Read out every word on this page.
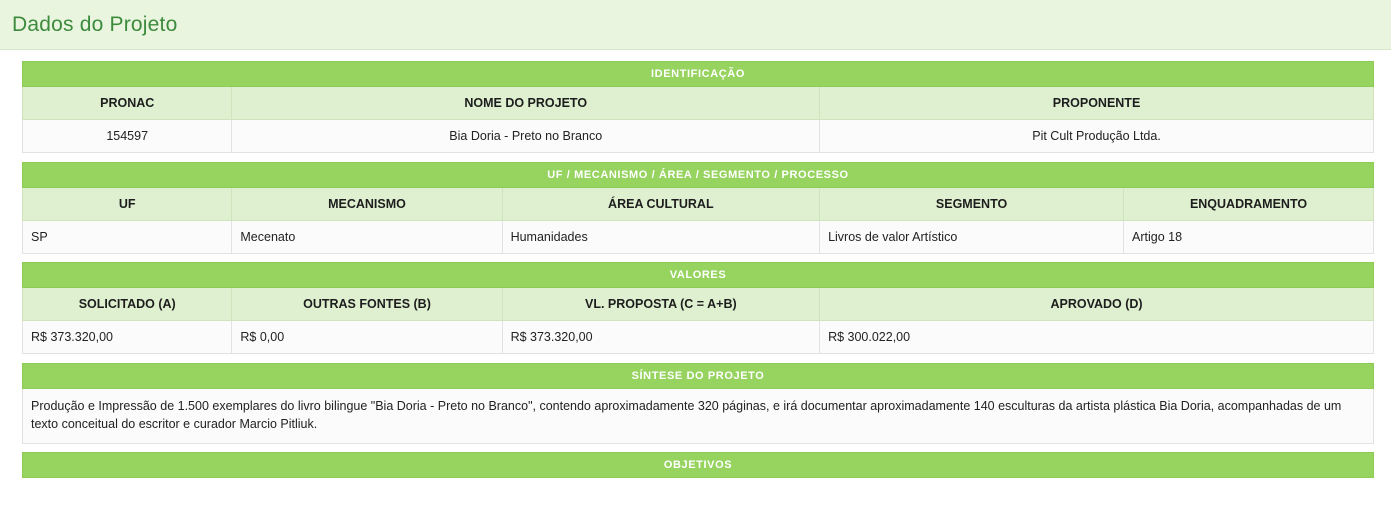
Dados do Projeto
IDENTIFICAÇÃO		
PRONAC	NOME DO PROJETO	PROPONENTE
154597	Bia Doria - Preto no Branco	Pit Cult Produção Ltda.

UF / MECANISMO / ÁREA / SEGMENTO / PROCESSO				
UF	MECANISMO	ÁREA CULTURAL	SEGMENTO	ENQUADRAMENTO
SP	Mecenato	Humanidades	Livros de valor Artístico	Artigo 18

VALORES			
SOLICITADO (A)	OUTRAS FONTES (B)	VL. PROPOSTA (C = A+B)	APROVADO (D)
R$ 373.320,00	R$ 0,00	R$ 373.320,00	R$ 300.022,00

SÍNTESE DO PROJETO
Produção e Impressão de 1.500 exemplares do livro bilingue "Bia Doria - Preto no Branco", contendo aproximadamente 320 páginas, e irá documentar aproximadamente 140 esculturas da artista plástica Bia Doria, acompanhadas de um texto conceitual do escritor e curador Marcio Pitliuk.

OBJETIVOS
